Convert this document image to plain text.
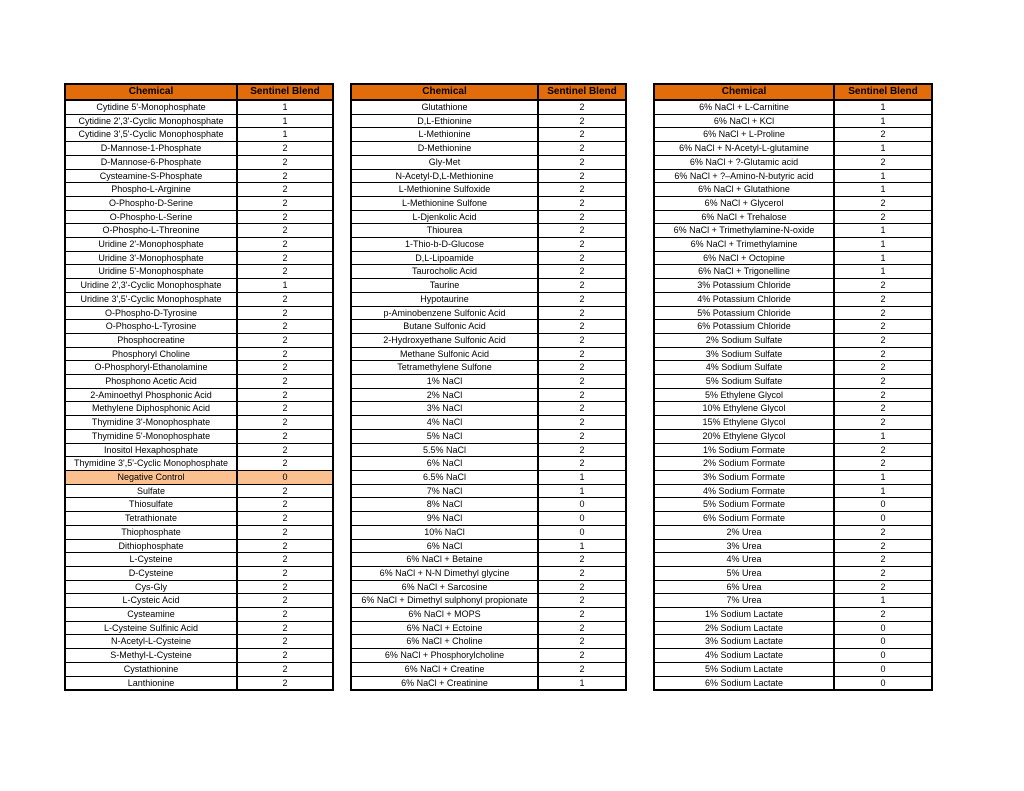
Chemical	Sentinel Blend
Cytidine 5'-Monophosphate	1
Cytidine 2',3'-Cyclic Monophosphate	1
Cytidine 3',5'-Cyclic Monophosphate	1
D-Mannose-1-Phosphate	2
D-Mannose-6-Phosphate	2
Cysteamine-S-Phosphate	2
Phospho-L-Arginine	2
O-Phospho-D-Serine	2
O-Phospho-L-Serine	2
O-Phospho-L-Threonine	2
Uridine 2'-Monophosphate	2
Uridine 3'-Monophosphate	2
Uridine 5'-Monophosphate	2
Uridine 2',3'-Cyclic Monophosphate	1
Uridine 3',5'-Cyclic Monophosphate	2
O-Phospho-D-Tyrosine	2
O-Phospho-L-Tyrosine	2
Phosphocreatine	2
Phosphoryl Choline	2
O-Phosphoryl-Ethanolamine	2
Phosphono Acetic Acid	2
2-Aminoethyl Phosphonic Acid	2
Methylene Diphosphonic Acid	2
Thymidine 3'-Monophosphate	2
Thymidine 5'-Monophosphate	2
Inositol Hexaphosphate	2
Thymidine 3',5'-Cyclic Monophosphate	2
Negative Control	0
Sulfate	2
Thiosulfate	2
Tetrathionate	2
Thiophosphate	2
Dithiophosphate	2
L-Cysteine	2
D-Cysteine	2
Cys-Gly	2
L-Cysteic Acid	2
Cysteamine	2
L-Cysteine Sulfinic Acid	2
N-Acetyl-L-Cysteine	2
S-Methyl-L-Cysteine	2
Cystathionine	2
Lanthionine	2
Chemical	Sentinel Blend
Glutathione	2
D,L-Ethionine	2
L-Methionine	2
D-Methionine	2
Gly-Met	2
N-Acetyl-D,L-Methionine	2
L-Methionine Sulfoxide	2
L-Methionine Sulfone	2
L-Djenkolic Acid	2
Thiourea	2
1-Thio-b-D-Glucose	2
D,L-Lipoamide	2
Taurocholic Acid	2
Taurine	2
Hypotaurine	2
p-Aminobenzene Sulfonic Acid	2
Butane Sulfonic Acid	2
2-Hydroxyethane Sulfonic Acid	2
Methane Sulfonic Acid	2
Tetramethylene Sulfone	2
1% NaCl	2
2% NaCl	2
3% NaCl	2
4% NaCl	2
5% NaCl	2
5.5% NaCl	2
6% NaCl	2
6.5% NaCl	1
7% NaCl	1
8% NaCl	0
9% NaCl	0
10% NaCl	0
6% NaCl	1
6% NaCl + Betaine	2
6% NaCl + N-N Dimethyl glycine	2
6% NaCl + Sarcosine	2
6% NaCl + Dimethyl sulphonyl propionate	2
6% NaCl + MOPS	2
6% NaCl + Ectoine	2
6% NaCl + Choline	2
6% NaCl + Phosphorylcholine	2
6% NaCl + Creatine	2
6% NaCl + Creatinine	1
Chemical	Sentinel Blend
6% NaCl + L-Carnitine	1
6% NaCl + KCl	1
6% NaCl + L-Proline	2
6% NaCl + N-Acetyl-L-glutamine	1
6% NaCl + ?-Glutamic acid	2
6% NaCl + ?–Amino-N-butyric acid	1
6% NaCl + Glutathione	1
6% NaCl + Glycerol	2
6% NaCl + Trehalose	2
6% NaCl + Trimethylamine-N-oxide	1
6% NaCl + Trimethylamine	1
6% NaCl + Octopine	1
6% NaCl + Trigonelline	1
3% Potassium Chloride	2
4% Potassium Chloride	2
5% Potassium Chloride	2
6% Potassium Chloride	2
2% Sodium Sulfate	2
3% Sodium Sulfate	2
4% Sodium Sulfate	2
5% Sodium Sulfate	2
5% Ethylene Glycol	2
10% Ethylene Glycol	2
15% Ethylene Glycol	2
20% Ethylene Glycol	1
1% Sodium Formate	2
2% Sodium Formate	2
3% Sodium Formate	1
4% Sodium Formate	1
5% Sodium Formate	0
6% Sodium Formate	0
2% Urea	2
3% Urea	2
4% Urea	2
5% Urea	2
6% Urea	2
7% Urea	1
1% Sodium Lactate	2
2% Sodium Lactate	0
3% Sodium Lactate	0
4% Sodium Lactate	0
5% Sodium Lactate	0
6% Sodium Lactate	0
